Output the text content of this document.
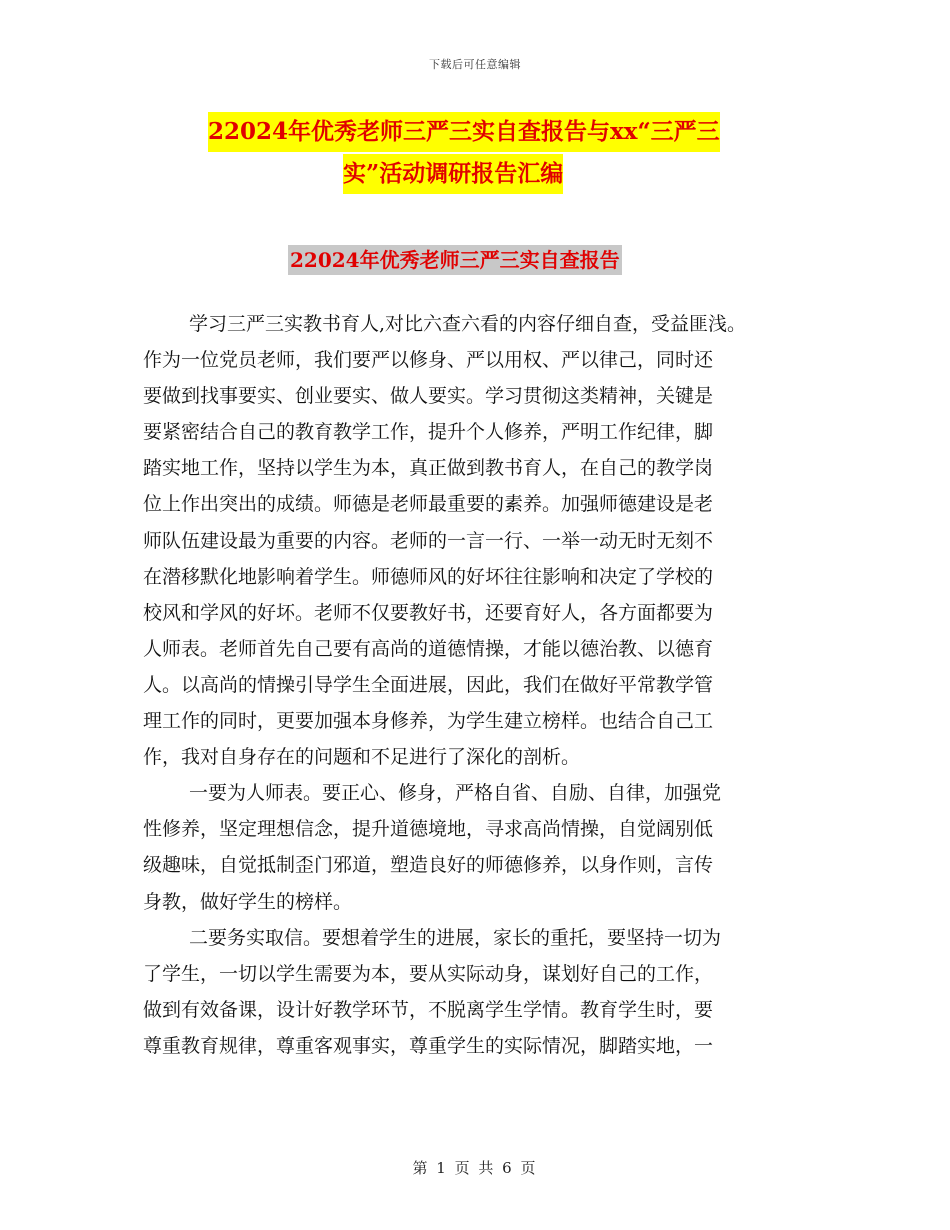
下载后可任意编辑
22024年优秀老师三严三实自查报告与xx“三严三
实”活动调研报告汇编
22024年优秀老师三严三实自查报告
学习三严三实教书育人,对比六查六看的内容仔细自查，受益匪浅。
作为一位党员老师，我们要严以修身、严以用权、严以律己，同时还
要做到找事要实、创业要实、做人要实。学习贯彻这类精神，关键是
要紧密结合自己的教育教学工作，提升个人修养，严明工作纪律，脚
踏实地工作，坚持以学生为本，真正做到教书育人，在自己的教学岗
位上作出突出的成绩。师德是老师最重要的素养。加强师德建设是老
师队伍建设最为重要的内容。老师的一言一行、一举一动无时无刻不
在潜移默化地影响着学生。师德师风的好坏往往影响和决定了学校的
校风和学风的好坏。老师不仅要教好书，还要育好人，各方面都要为
人师表。老师首先自己要有高尚的道德情操，才能以德治教、以德育
人。以高尚的情操引导学生全面进展，因此，我们在做好平常教学管
理工作的同时，更要加强本身修养，为学生建立榜样。也结合自己工
作，我对自身存在的问题和不足进行了深化的剖析。
一要为人师表。要正心、修身，严格自省、自励、自律，加强党
性修养，坚定理想信念，提升道德境地，寻求高尚情操，自觉阔别低
级趣味，自觉抵制歪门邪道，塑造良好的师德修养，以身作则，言传
身教，做好学生的榜样。
二要务实取信。要想着学生的进展，家长的重托，要坚持一切为
了学生，一切以学生需要为本，要从实际动身，谋划好自己的工作，
做到有效备课，设计好教学环节，不脱离学生学情。教育学生时，要
尊重教育规律，尊重客观事实，尊重学生的实际情况，脚踏实地，一
第 1 页 共 6 页
